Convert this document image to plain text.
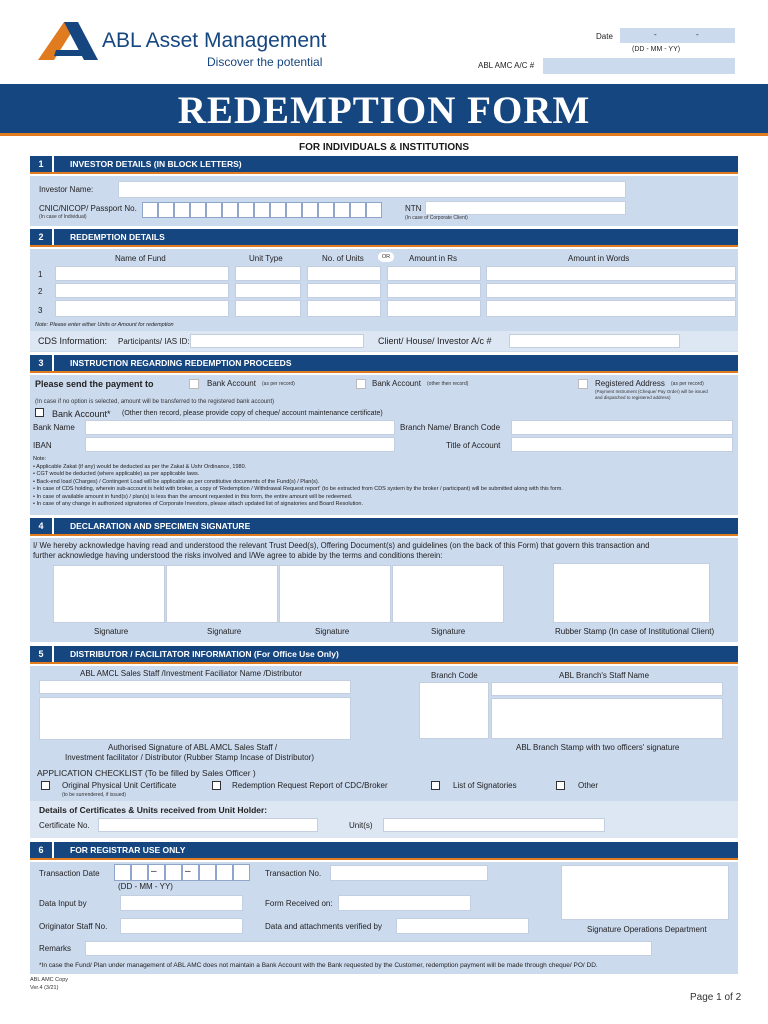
ABL Asset Management
Discover the potential
Date	-	-
(DD - MM - YY)
ABL AMC A/C #
REDEMPTION FORM
FOR INDIVIDUALS & INSTITUTIONS
1	INVESTOR DETAILS (IN BLOCK LETTERS)
Investor Name:
CNIC/NICOP/ Passport No.
(In case of Individual)
NTN
(In case of Corporate Client)
2	REDEMPTION DETAILS
Name of Fund	Unit Type	No. of Units	OR	Amount in Rs	Amount in Words
1
2
3
Note: Please enter either Units or Amount for redemption
CDS Information: Participants/ IAS ID:	Client/ House/ Investor A/c #
3	INSTRUCTION REGARDING REDEMPTION PROCEEDS
Please send the payment to	Bank Account (as per record)	Bank Account (other then record)	Registered Address (as per record)
(Payment Instrument (Cheque/ Pay Order) will be issued
and dispatched to registered address)
(In case if no option is selected, amount will be transferred to the registered bank account)
Bank Account* (Other then record, please provide copy of cheque/ account maintenance certificate)
Bank Name	Branch Name/ Branch Code
IBAN	Title of Account
Note:
• Applicable Zakat (if any) would be deducted as per the Zakat & Ushr Ordinance, 1980.
• CGT would be deducted (where applicable) as per applicable laws.
• Back-end load (Charges) / Contingent Load will be applicable as per constitutive documents of the Fund(s) / Plan(s).
• In case of CDS holding, wherein sub-account is held with broker, a copy of 'Redemption / Withdrawal Request report' (to be extracted from CDS system by the broker / participant) will be submitted along with this form.
• In case of available amount in fund(s) / plan(s) is less than the amount requested in this form, the entire amount will be redeemed.
• In case of any change in authorized signatories of Corporate Investors, please attach updated list of signatories and Board Resolution.
4	DECLARATION AND SPECIMEN SIGNATURE
I/ We hereby acknowledge having read and understood the relevant Trust Deed(s), Offering Document(s) and guidelines (on the back of this Form) that govern this transaction and
further acknowledge having understood the risks involved and I/We agree to abide by the terms and conditions therein:
Signature	Signature	Signature	Signature	Rubber Stamp (In case of Institutional Client)
5	DISTRIBUTOR / FACILITATOR INFORMATION (For Office Use Only)
ABL AMCL Sales Staff /Investment Faciliator Name /Distributor	Branch Code	ABL Branch's Staff Name
Authorised Signature of ABL AMCL Sales Staff /
Investment facilitator / Distributor (Rubber Stamp Incase of Distributor)
ABL Branch Stamp with two officers' signature
APPLICATION CHECKLIST (To be filled by Sales Officer )
Original Physical Unit Certificate
(to be surrendered, if issued)
Redemption Request Report of CDC/Broker	List of Signatories	Other
Details of Certificates & Units received from Unit Holder:
Certificate No.	Unit(s)
6	FOR REGISTRAR USE ONLY
Transaction Date	–	–
(DD - MM - YY)
Transaction No.
Data Input by	Form Received on:
Originator Staff No.	Data and attachments verified by	Signature Operations Department
Remarks
*In case the Fund/ Plan under management of ABL AMC does not maintain a Bank Account with the Bank requested by the Customer, redemption payment will be made through cheque/ PO/ DD.
ABL AMC Copy
Ver.4 (3/21)
Page 1 of 2
